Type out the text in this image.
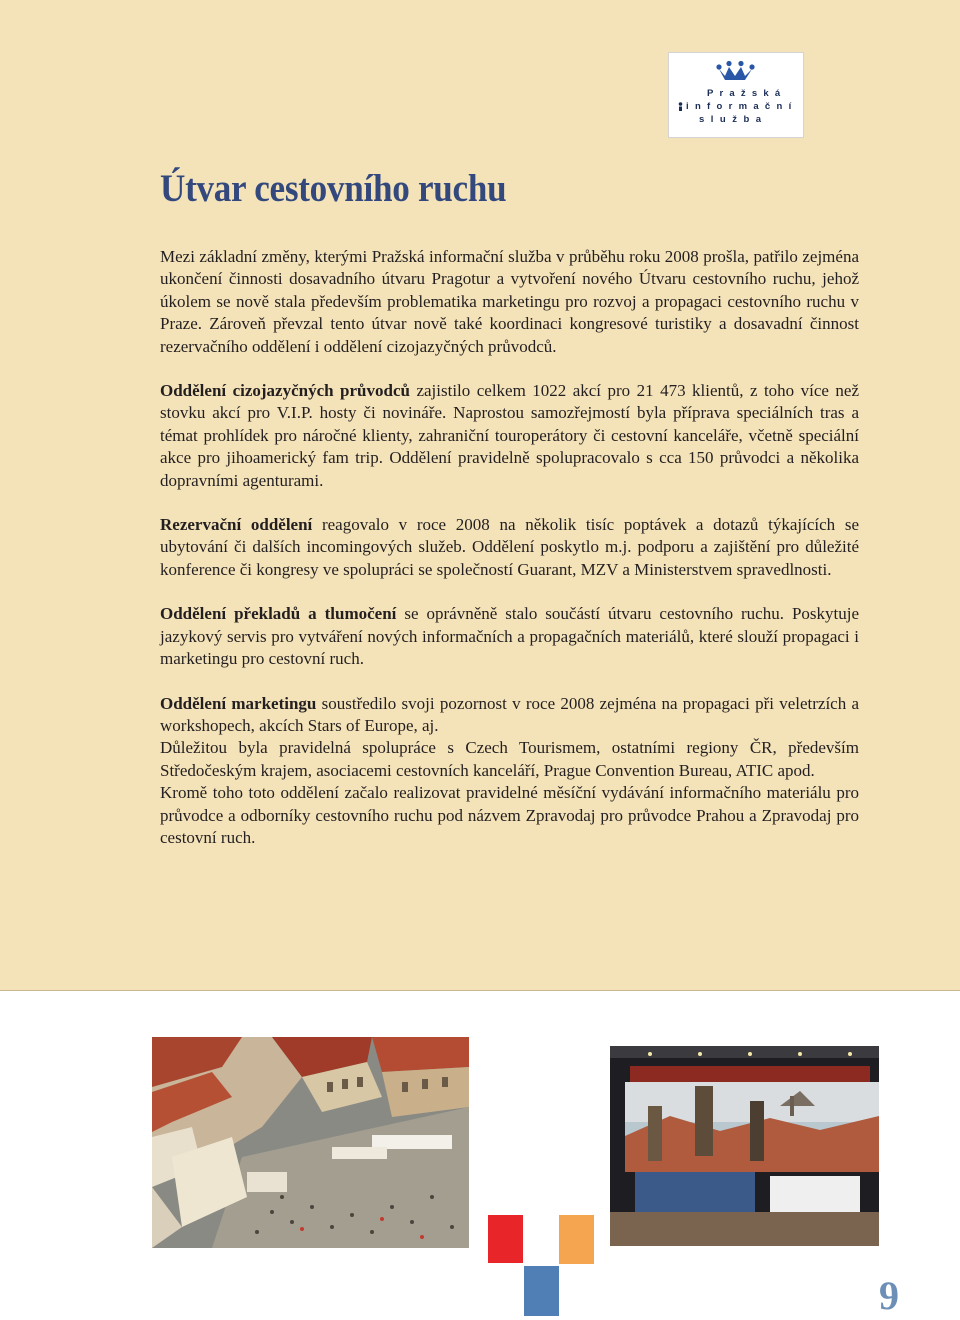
Pražská
informační
služba
Útvar cestovního ruchu

Mezi základní změny, kterými Pražská informační služba v průběhu roku 2008 prošla, patřilo zejména ukončení činnosti dosavadního útvaru Pragotur a vytvoření nového Útvaru cestovního ruchu, jehož úkolem se nově stala především problematika marketingu pro rozvoj a propagaci cestovního ruchu v Praze. Zároveň převzal tento útvar nově také koordinaci kongresové turistiky a dosavadní činnost rezervačního oddělení i oddělení cizojazyčných průvodců.

Oddělení cizojazyčných průvodců zajistilo celkem 1022 akcí pro 21 473 klientů, z toho více než stovku akcí pro V.I.P. hosty či novináře. Naprostou samozřejmostí byla příprava speciálních tras a témat prohlídek pro náročné klienty, zahraniční touroperátory či cestovní kanceláře, včetně speciální akce pro jihoamerický fam trip. Oddělení pravidelně spolupracovalo s cca 150 průvodci a několika dopravními agenturami.

Rezervační oddělení reagovalo v roce 2008 na několik tisíc poptávek a dotazů týkajících se ubytování či dalších incomingových služeb. Oddělení poskytlo m.j. podporu a zajištění pro důležité konference či kongresy ve spolupráci se společností Guarant, MZV a Ministerstvem spravedlnosti.

Oddělení překladů a tlumočení se oprávněně stalo součástí útvaru cestovního ruchu. Poskytuje jazykový servis pro vytváření nových informačních a propagačních materiálů, které slouží propagaci i marketingu pro cestovní ruch.

Oddělení marketingu soustředilo svoji pozornost v roce 2008 zejména na propagaci při veletrzích a workshopech, akcích Stars of Europe, aj.

Důležitou byla pravidelná spolupráce s Czech Tourismem, ostatními regiony ČR, především Středočeským krajem, asociacemi cestovních kanceláří, Prague Convention Bureau, ATIC apod.

Kromě toho toto oddělení začalo realizovat pravidelné měsíční vydávání informačního materiálu pro průvodce a odborníky cestovního ruchu pod názvem Zpravodaj pro průvodce Prahou a Zpravodaj pro cestovní ruch.

9
